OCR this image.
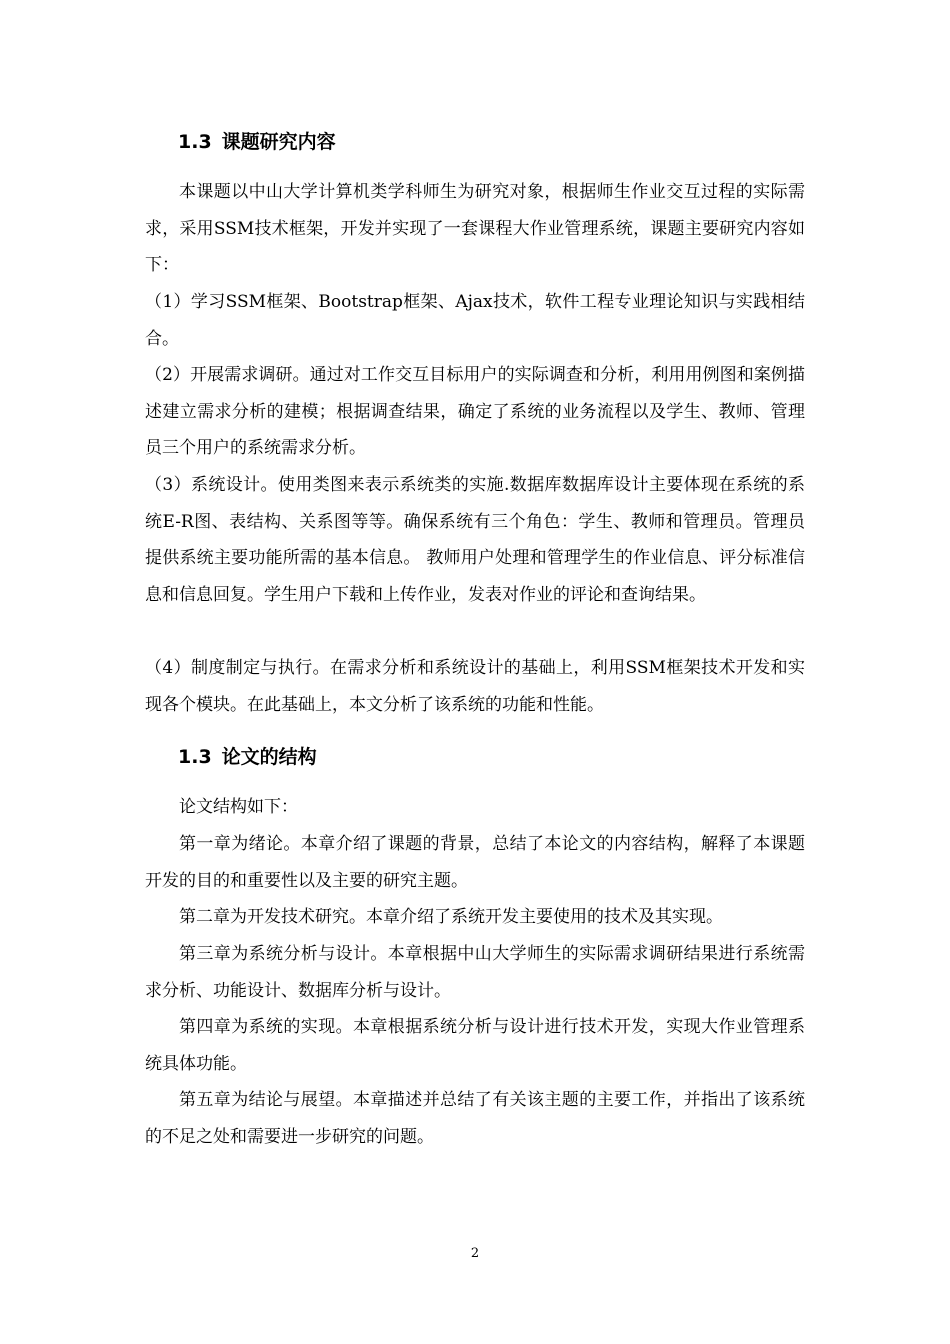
1.3 课题研究内容

本课题以中山大学计算机类学科师生为研究对象，根据师生作业交互过程的实际需求，采用SSM技术框架，开发并实现了一套课程大作业管理系统，课题主要研究内容如下：

（1）学习SSM框架、Bootstrap框架、Ajax技术，软件工程专业理论知识与实践相结合。

（2）开展需求调研。通过对工作交互目标用户的实际调查和分析，利用用例图和案例描述建立需求分析的建模；根据调查结果，确定了系统的业务流程以及学生、教师、管理员三个用户的系统需求分析。

（3）系统设计。使用类图来表示系统类的实施.数据库数据库设计主要体现在系统的系统E-R图、表结构、关系图等等。确保系统有三个角色：学生、教师和管理员。管理员提供系统主要功能所需的基本信息。 教师用户处理和管理学生的作业信息、评分标准信息和信息回复。学生用户下载和上传作业，发表对作业的评论和查询结果。

（4）制度制定与执行。在需求分析和系统设计的基础上，利用SSM框架技术开发和实现各个模块。在此基础上，本文分析了该系统的功能和性能。

1.3 论文的结构

论文结构如下：

第一章为绪论。本章介绍了课题的背景，总结了本论文的内容结构，解释了本课题开发的目的和重要性以及主要的研究主题。

第二章为开发技术研究。本章介绍了系统开发主要使用的技术及其实现。

第三章为系统分析与设计。本章根据中山大学师生的实际需求调研结果进行系统需求分析、功能设计、数据库分析与设计。

第四章为系统的实现。本章根据系统分析与设计进行技术开发，实现大作业管理系统具体功能。

第五章为结论与展望。本章描述并总结了有关该主题的主要工作，并指出了该系统的不足之处和需要进一步研究的问题。

2
